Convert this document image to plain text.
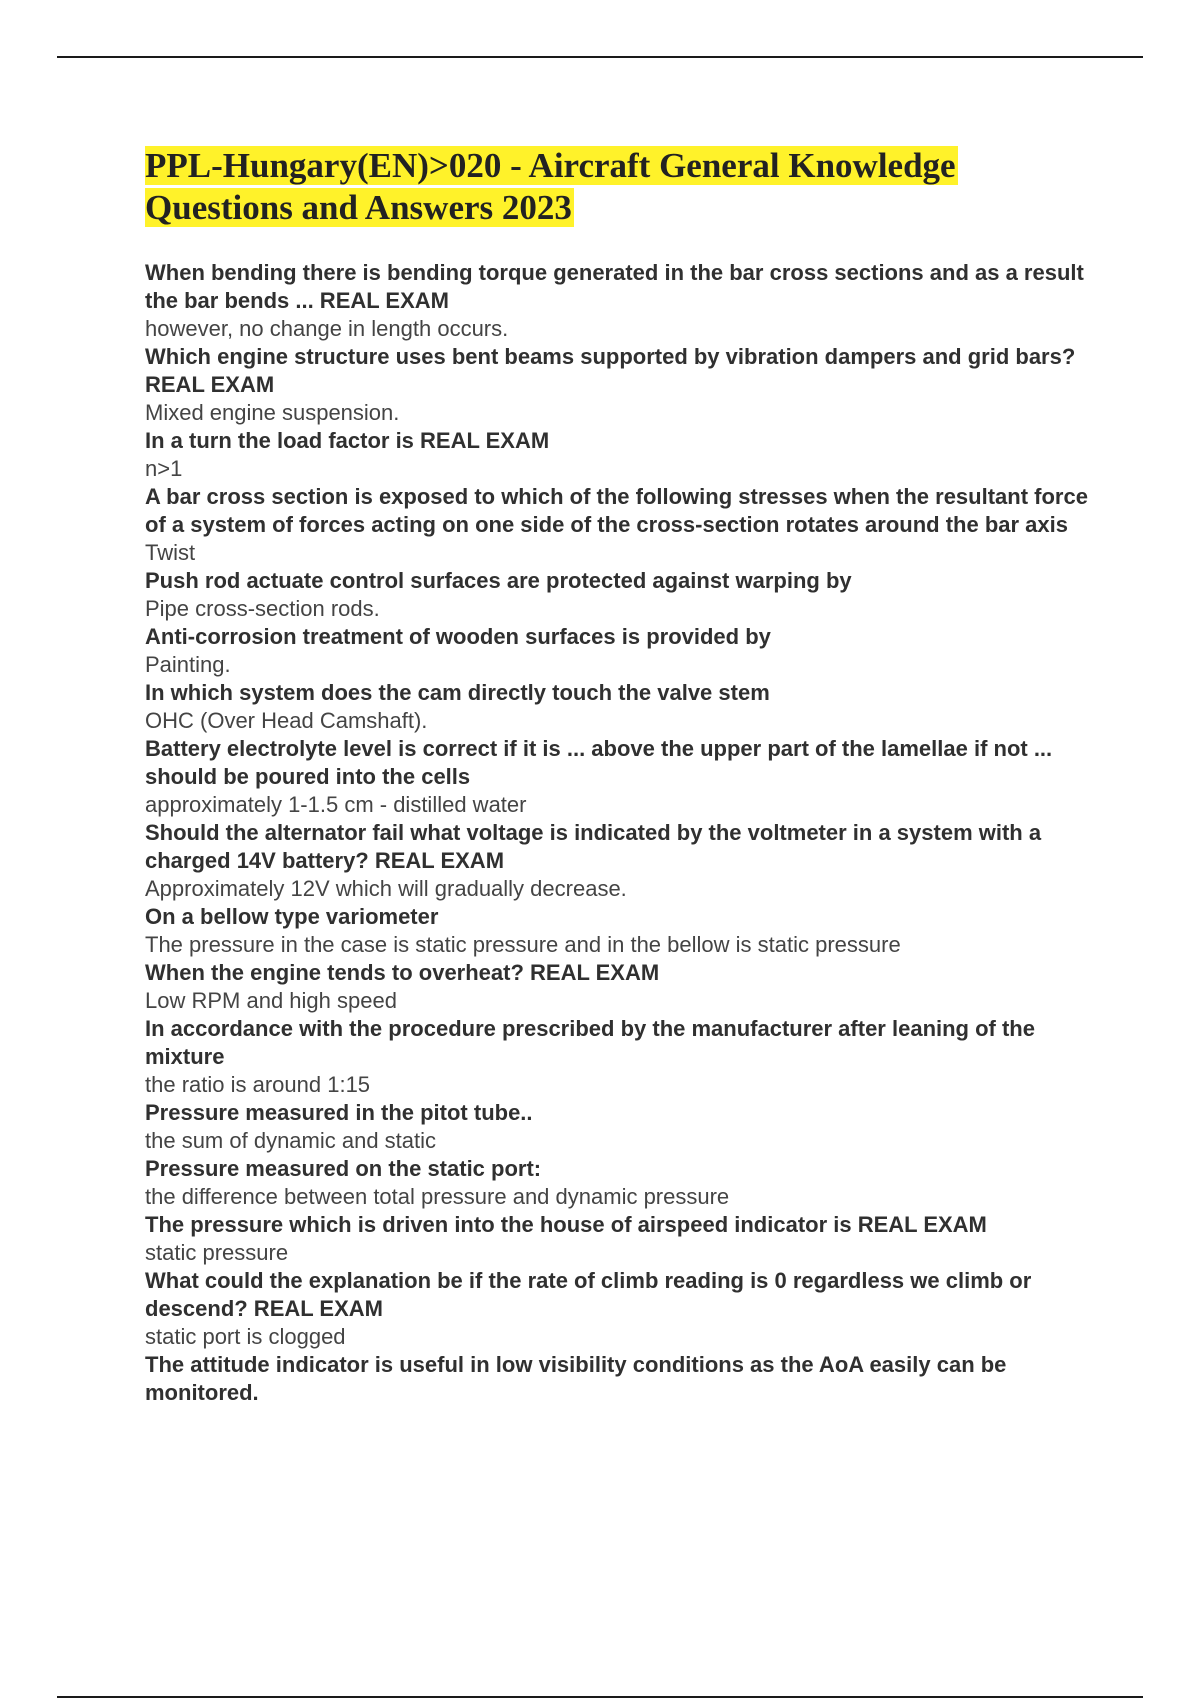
PPL-Hungary(EN)>020 - Aircraft General Knowledge
Questions and Answers 2023

When bending there is bending torque generated in the bar cross sections and as a result the bar bends ... REAL EXAM

however, no change in length occurs.

Which engine structure uses bent beams supported by vibration dampers and grid bars? REAL EXAM

Mixed engine suspension.

In a turn the load factor is REAL EXAM

n>1

A bar cross section is exposed to which of the following stresses when the resultant force of a system of forces acting on one side of the cross-section rotates around the bar axis

Twist

Push rod actuate control surfaces are protected against warping by

Pipe cross-section rods.

Anti-corrosion treatment of wooden surfaces is provided by

Painting.

In which system does the cam directly touch the valve stem

OHC (Over Head Camshaft).

Battery electrolyte level is correct if it is ... above the upper part of the lamellae if not ... should be poured into the cells

approximately 1-1.5 cm - distilled water

Should the alternator fail what voltage is indicated by the voltmeter in a system with a charged 14V battery? REAL EXAM

Approximately 12V which will gradually decrease.

On a bellow type variometer

The pressure in the case is static pressure and in the bellow is static pressure

When the engine tends to overheat? REAL EXAM

Low RPM and high speed

In accordance with the procedure prescribed by the manufacturer after leaning of the mixture

the ratio is around 1:15

Pressure measured in the pitot tube..

the sum of dynamic and static

Pressure measured on the static port:

the difference between total pressure and dynamic pressure

The pressure which is driven into the house of airspeed indicator is REAL EXAM

static pressure

What could the explanation be if the rate of climb reading is 0 regardless we climb or descend? REAL EXAM

static port is clogged

The attitude indicator is useful in low visibility conditions as the AoA easily can be monitored.
